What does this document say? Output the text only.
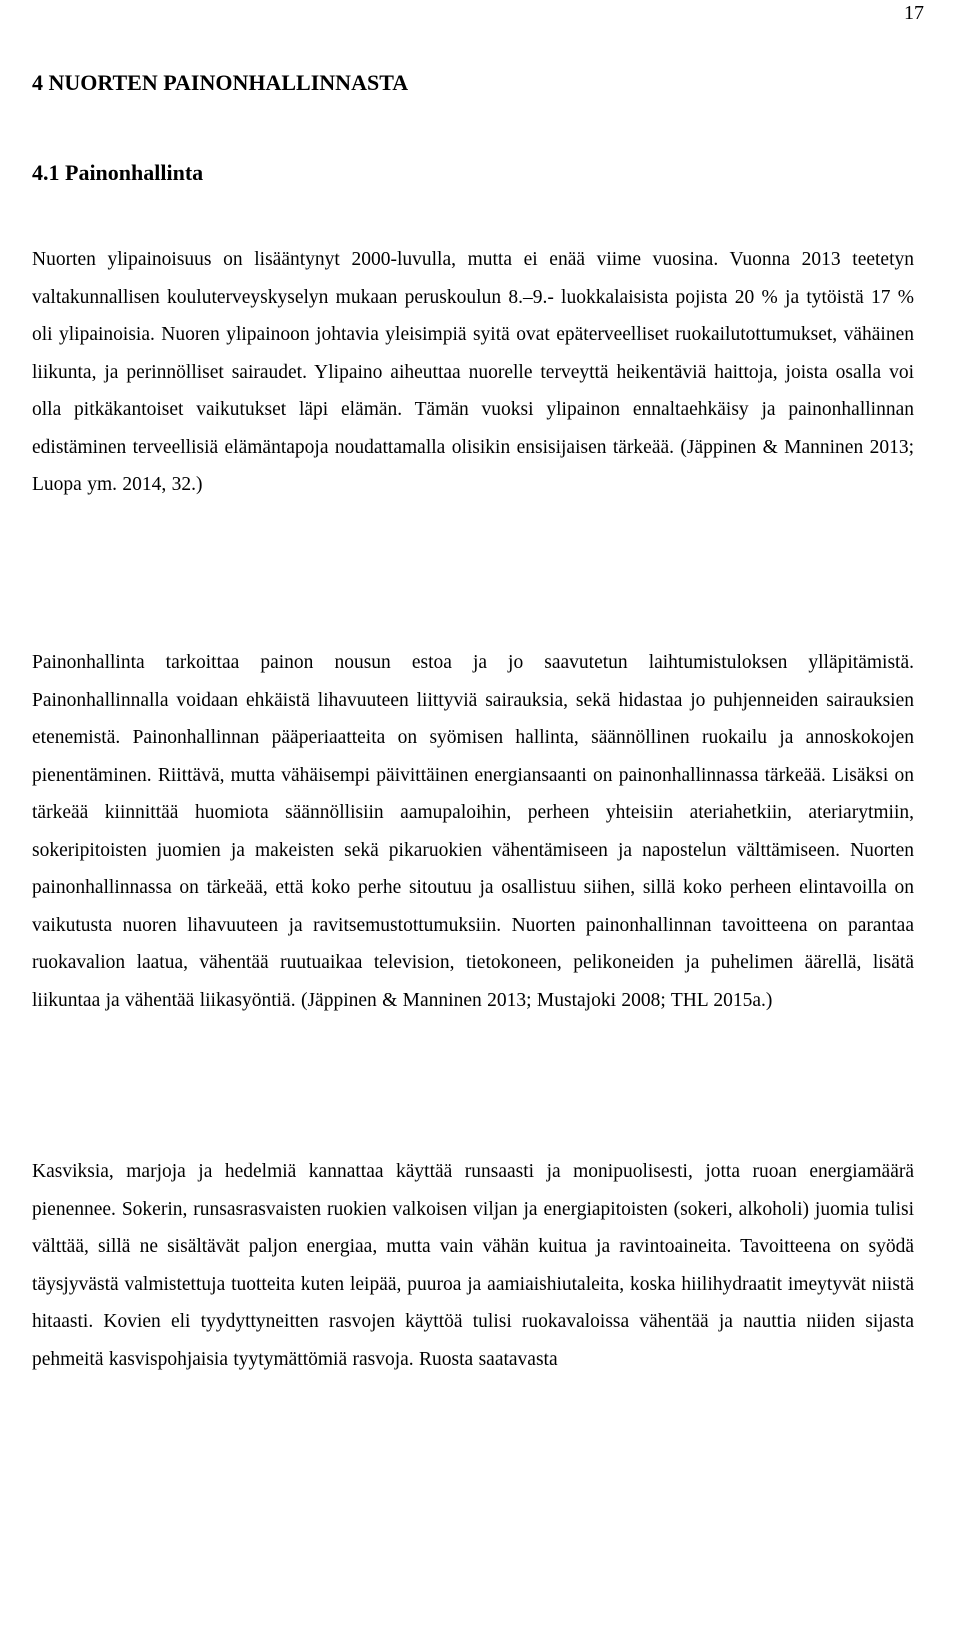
17
4 NUORTEN PAINONHALLINNASTA
4.1 Painonhallinta

Nuorten ylipainoisuus on lisääntynyt 2000-luvulla, mutta ei enää viime vuosina. Vuonna 2013 teetetyn valtakunnallisen kouluterveyskyselyn mukaan peruskoulun 8.–9.- luokkalaisista pojista 20 % ja tytöistä 17 % oli ylipainoisia. Nuoren ylipainoon johtavia yleisimpiä syitä ovat epäterveelliset ruokailutottumukset, vähäinen liikunta, ja perinnölliset sairaudet. Ylipaino aiheuttaa nuorelle terveyttä heikentäviä haittoja, joista osalla voi olla pitkäkantoiset vaikutukset läpi elämän. Tämän vuoksi ylipainon ennaltaehkäisy ja painonhallinnan edistäminen terveellisiä elämäntapoja noudattamalla olisikin ensisijaisen tärkeää. (Jäppinen & Manninen 2013; Luopa ym. 2014, 32.)

Painonhallinta tarkoittaa painon nousun estoa ja jo saavutetun laihtumistuloksen ylläpitämistä. Painonhallinnalla voidaan ehkäistä lihavuuteen liittyviä sairauksia, sekä hidastaa jo puhjenneiden sairauksien etenemistä. Painonhallinnan pääperiaatteita on syömisen hallinta, säännöllinen ruokailu ja annoskokojen pienentäminen. Riittävä, mutta vähäisempi päivittäinen energiansaanti on painonhallinnassa tärkeää. Lisäksi on tärkeää kiinnittää huomiota säännöllisiin aamupaloihin, perheen yhteisiin ateriahetkiin, ateriarytmiin, sokeripitoisten juomien ja makeisten sekä pikaruokien vähentämiseen ja napostelun välttämiseen. Nuorten painonhallinnassa on tärkeää, että koko perhe sitoutuu ja osallistuu siihen, sillä koko perheen elintavoilla on vaikutusta nuoren lihavuuteen ja ravitsemustottumuksiin. Nuorten painonhallinnan tavoitteena on parantaa ruokavalion laatua, vähentää ruutuaikaa television, tietokoneen, pelikoneiden ja puhelimen äärellä, lisätä liikuntaa ja vähentää liikasyöntiä. (Jäppinen & Manninen 2013; Mustajoki 2008; THL 2015a.)

Kasviksia, marjoja ja hedelmiä kannattaa käyttää runsaasti ja monipuolisesti, jotta ruoan energiamäärä pienennee. Sokerin, runsasrasvaisten ruokien valkoisen viljan ja energiapitoisten (sokeri, alkoholi) juomia tulisi välttää, sillä ne sisältävät paljon energiaa, mutta vain vähän kuitua ja ravintoaineita. Tavoitteena on syödä täysjyvästä valmistettuja tuotteita kuten leipää, puuroa ja aamiaishiutaleita, koska hiilihydraatit imeytyvät niistä hitaasti. Kovien eli tyydyttyneitten rasvojen käyttöä tulisi ruokavaloissa vähentää ja nauttia niiden sijasta pehmeitä kasvispohjaisia tyytymättömiä rasvoja. Ruosta saatavasta
